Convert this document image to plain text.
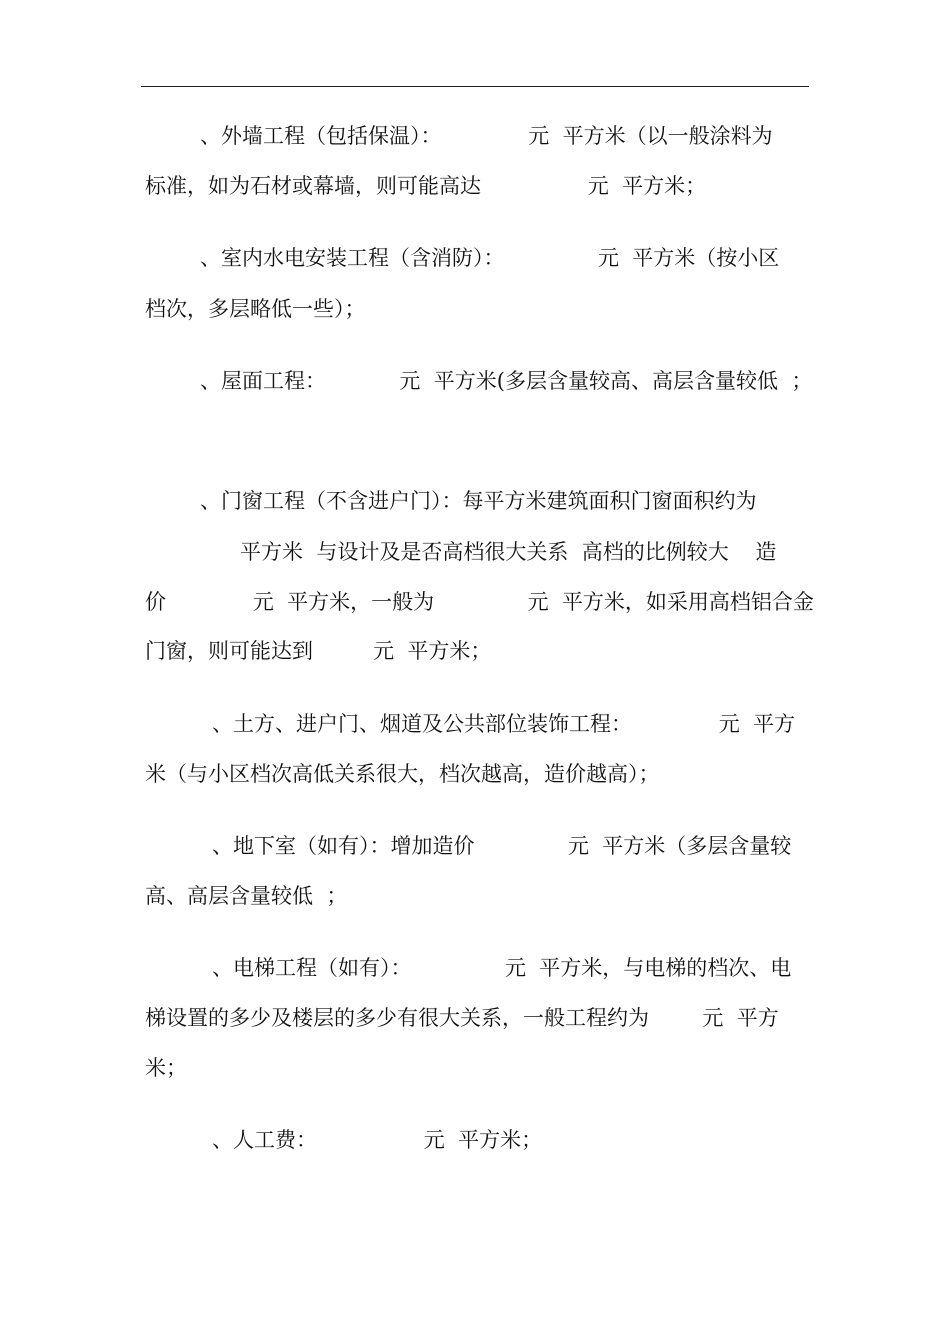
、外墙工程（包括保温）：             元  平方米（以一般涂料为
标准，如为石材或幕墙，则可能高达                元  平方米；
、室内水电安装工程（含消防）：              元  平方米（按小区
档次，多层略低一些）；
、屋面工程：           元  平方米(多层含量较高、高层含量较低  ；
、门窗工程（不含进户门）：每平方米建筑面积门窗面积约为
平方米  与设计及是否高档很大关系  高档的比例较大    造
价             元  平方米，一般为              元  平方米，如采用高档铝合金
门窗，则可能达到         元  平方米；
、土方、进户门、烟道及公共部位装饰工程：             元  平方
米（与小区档次高低关系很大，档次越高，造价越高）；
、地下室（如有）：增加造价              元  平方米（多层含量较
高、高层含量较低  ；
、电梯工程（如有）：              元  平方米，与电梯的档次、电
梯设置的多少及楼层的多少有很大关系，一般工程约为        元  平方
米；
、人工费：                元  平方米；
